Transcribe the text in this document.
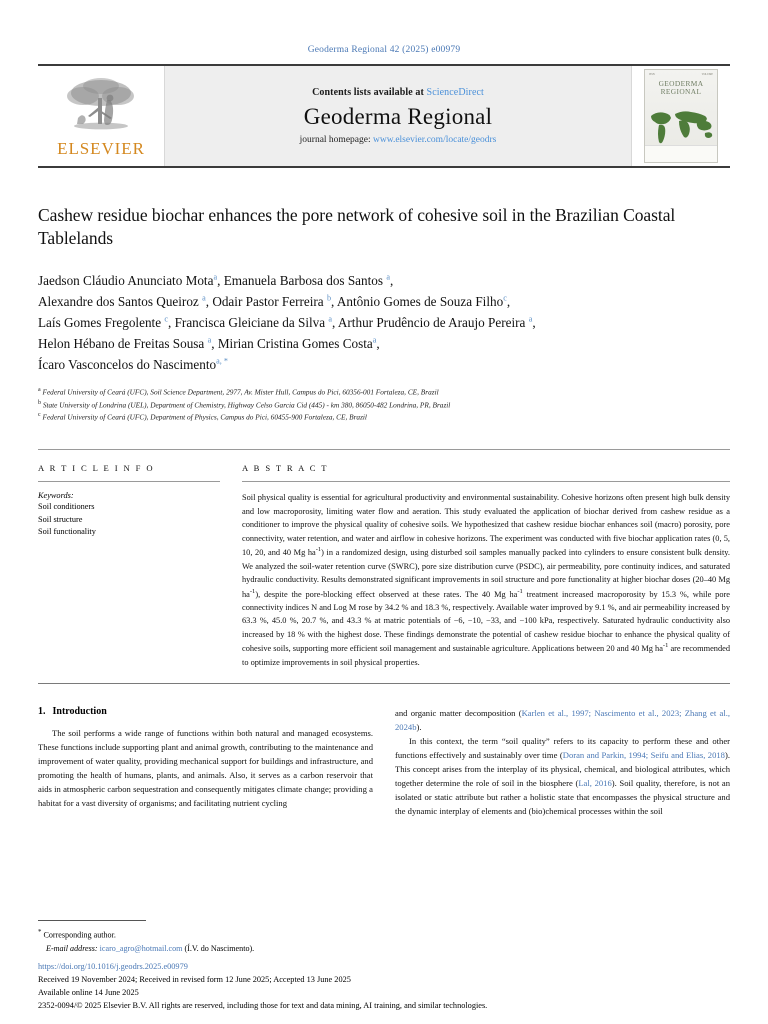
Geoderma Regional 42 (2025) e00979
ELSEVIER
Contents lists available at ScienceDirect
Geoderma Regional
journal homepage: www.elsevier.com/locate/geodrs
ISSN	VOLUME
GEODERMA
REGIONAL
Cashew residue biochar enhances the pore network of cohesive soil in the Brazilian Coastal Tablelands
Jaedson Cláudio Anunciato Mota$^a$, Emanuela Barbosa dos Santos $^a$,
Alexandre dos Santos Queiroz $^a$, Odair Pastor Ferreira $^b$, Antônio Gomes de Souza Filho$^c$,
Laís Gomes Fregolente $^c$, Francisca Gleiciane da Silva $^a$, Arthur Prudêncio de Araujo Pereira $^a$,
Helon Hébano de Freitas Sousa $^a$, Mirian Cristina Gomes Costa$^a$,
Ícaro Vasconcelos do Nascimento$^{a, *}$
$^a$ Federal University of Ceará (UFC), Soil Science Department, 2977, Av. Mister Hull, Campus do Pici, 60356-001 Fortaleza, CE, Brazil
$^b$ State University of Londrina (UEL), Department of Chemistry, Highway Celso Garcia Cid (445) - km 380, 86050-482 Londrina, PR, Brazil
$^c$ Federal University of Ceará (UFC), Department of Physics, Campus do Pici, 60455-900 Fortaleza, CE, Brazil
A R T I C L E I N F O
Keywords:
Soil conditioners
Soil structure
Soil functionality
A B S T R A C T
Soil physical quality is essential for agricultural productivity and environmental sustainability. Cohesive horizons often present high bulk density and low macroporosity, limiting water flow and aeration. This study evaluated the application of biochar derived from cashew residue as a conditioner to improve the physical quality of cohesive soils. We hypothesized that cashew residue biochar enhances soil (macro) porosity, pore connectivity, water retention, and water and airflow in cohesive horizons. The experiment was conducted with five biochar application rates (0, 5, 10, 20, and 40 Mg $ha^{-1}$) in a randomized design, using disturbed soil samples manually packed into cylinders to ensure consistent bulk density. We analyzed the soil-water retention curve (SWRC), pore size distribution curve (PSDC), air permeability, pore continuity indices, and saturated hydraulic conductivity. Results demonstrated significant improvements in soil structure and pore functionality at higher biochar doses (20–40 Mg $ha^{-1}$), despite the pore-blocking effect observed at these rates. The 40 Mg $ha^{-1}$ treatment increased macroporosity by 15.3 %, while pore connectivity indices N and Log M rose by 34.2 % and 18.3 %, respectively. Available water improved by 9.1 %, and air permeability increased by 63.3 %, 45.0 %, 20.7 %, and 43.3 % at matric potentials of −6, −10, −33, and −100 kPa, respectively. Saturated hydraulic conductivity also increased by 18 % with the highest dose. These findings demonstrate the potential of cashew residue biochar to enhance the physical quality of cohesive soils, supporting more efficient soil management and sustainable agriculture. Applications between 20 and 40 Mg $ha^{-1}$ are recommended to optimize improvements in soil physical properties.
1. Introduction

The soil performs a wide range of functions within both natural and managed ecosystems. These functions include supporting plant and animal growth, contributing to the maintenance and improvement of water quality, providing mechanical support for buildings and infrastructure, and promoting the health of humans, plants, and animals. Also, it serves as a carbon reservoir that aids in atmospheric carbon sequestration and consequently mitigates climate change; providing a habitat for a vast diversity of organisms; and facilitating nutrient cycling

and organic matter decomposition (Karlen et al., 1997; Nascimento et al., 2023; Zhang et al., 2024b).

In this context, the term “soil quality” refers to its capacity to perform these and other functions effectively and sustainably over time (Doran and Parkin, 1994; Seifu and Elias, 2018). This concept arises from the interplay of its physical, chemical, and biological attributes, which together determine the role of soil in the biosphere (Lal, 2016). Soil quality, therefore, is not an isolated or static attribute but rather a holistic state that encompasses the physical structure and the dynamic interplay of elements and (bio)chemical processes within the soil

* Corresponding author.
E-mail address: icaro_agro@hotmail.com (Í.V. do Nascimento).
https://doi.org/10.1016/j.geodrs.2025.e00979
Received 19 November 2024; Received in revised form 12 June 2025; Accepted 13 June 2025
Available online 14 June 2025
2352-0094/© 2025 Elsevier B.V. All rights are reserved, including those for text and data mining, AI training, and similar technologies.
